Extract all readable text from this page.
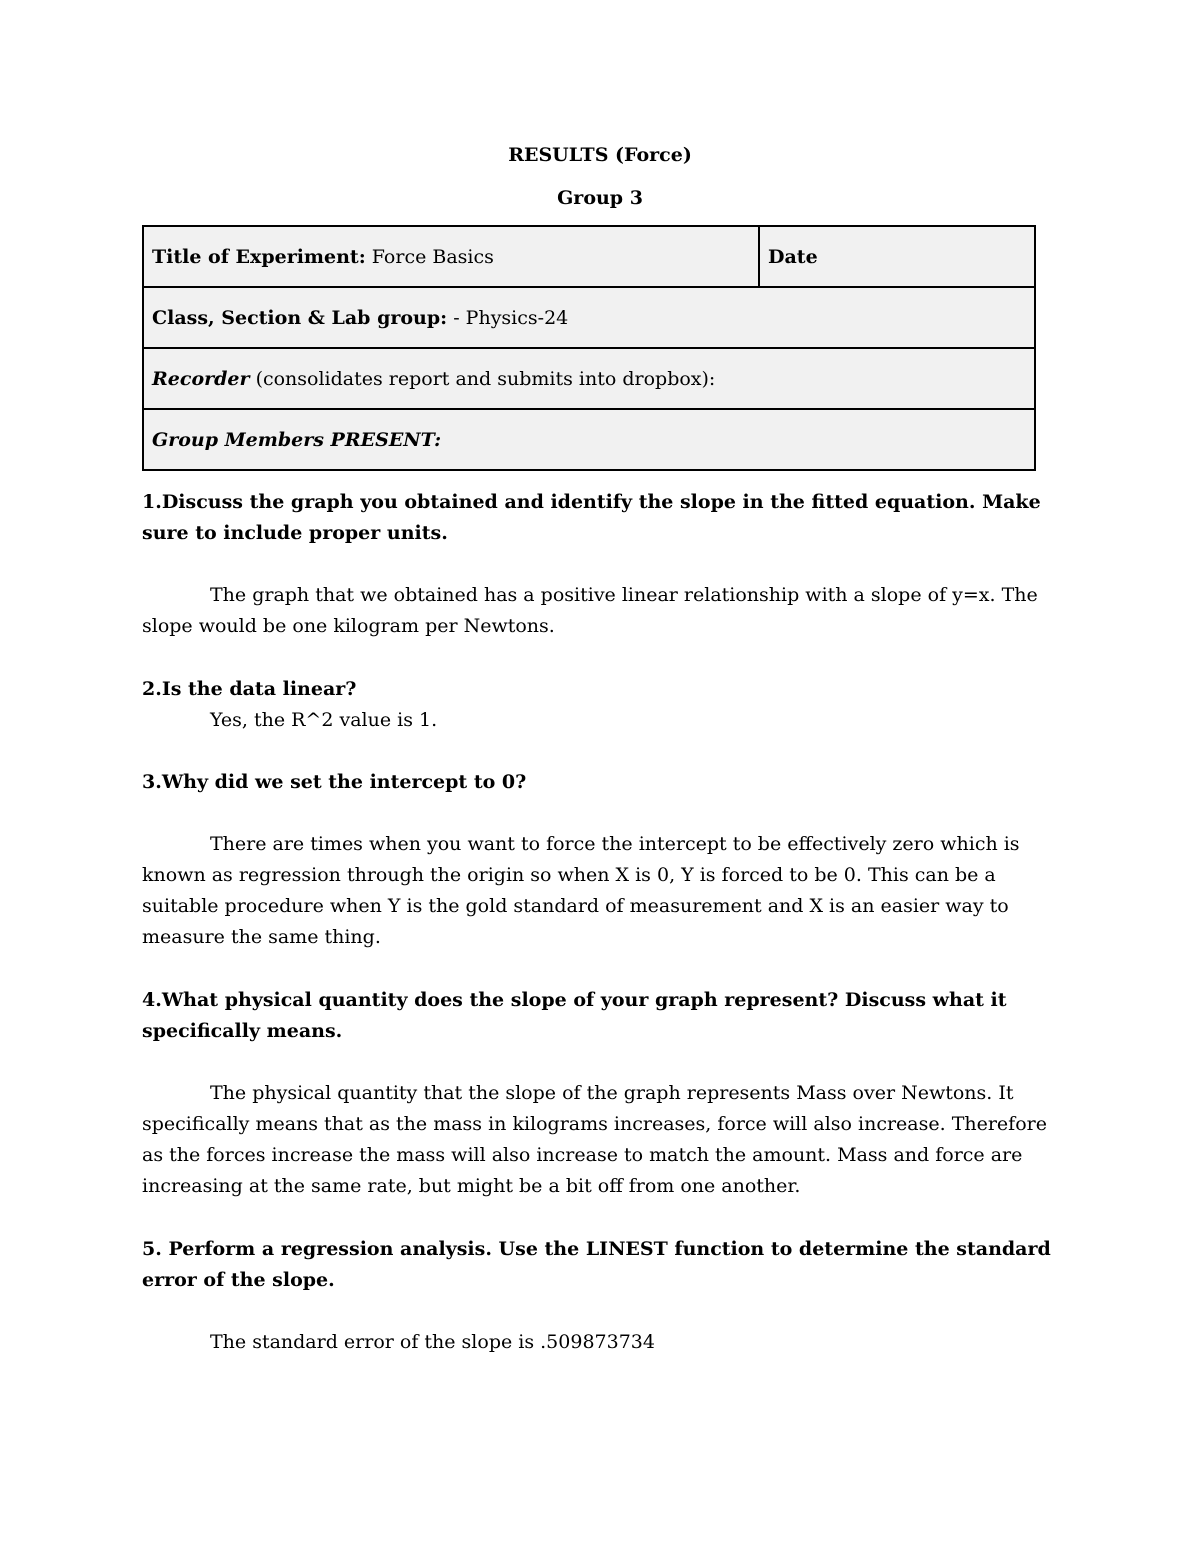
RESULTS (Force)
Group 3
Title of Experiment: Force Basics	Date
Class, Section & Lab group: - Physics-24
Recorder (consolidates report and submits into dropbox):
Group Members PRESENT:

1.Discuss the graph you obtained and identify the slope in the fitted equation. Make sure to include proper units.

The graph that we obtained has a positive linear relationship with a slope of y=x. The slope would be one kilogram per Newtons.

2.Is the data linear?

Yes, the R^2 value is 1.

3.Why did we set the intercept to 0?

There are times when you want to force the intercept to be effectively zero which is known as regression through the origin so when X is 0, Y is forced to be 0. This can be a suitable procedure when Y is the gold standard of measurement and X is an easier way to measure the same thing.

4.What physical quantity does the slope of your graph represent? Discuss what it specifically means.

The physical quantity that the slope of the graph represents Mass over Newtons. It specifically means that as the mass in kilograms increases, force will also increase. Therefore as the forces increase the mass will also increase to match the amount. Mass and force are increasing at the same rate, but might be a bit off from one another.

5. Perform a regression analysis. Use the LINEST function to determine the standard error of the slope.

The standard error of the slope is .509873734
